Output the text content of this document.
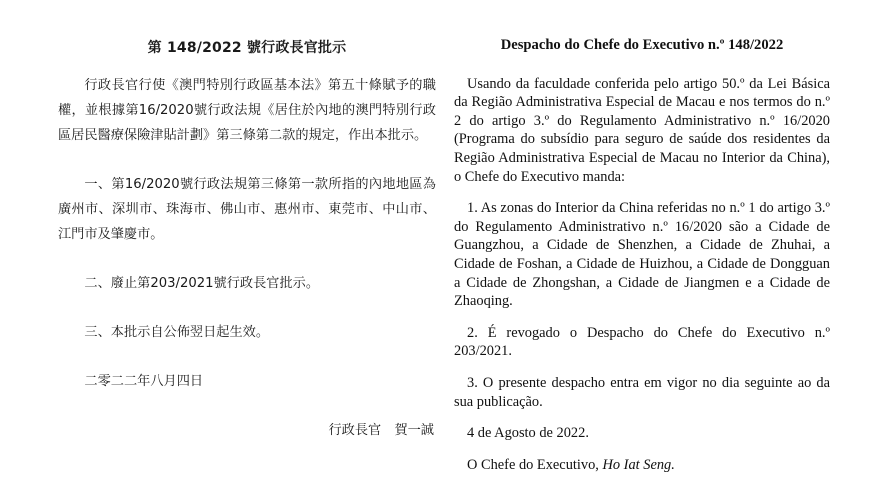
第 148/2022 號行政長官批示

行政長官行使《澳門特別行政區基本法》第五十條賦予的職權，並根據第16/2020號行政法規《居住於內地的澳門特別行政區居民醫療保險津貼計劃》第三條第二款的規定，作出本批示。

一、第16/2020號行政法規第三條第一款所指的內地地區為廣州市、深圳市、珠海市、佛山市、惠州市、東莞市、中山市、江門市及肇慶市。

二、廢止第203/2021號行政長官批示。

三、本批示自公佈翌日起生效。

二零二二年八月四日

行政長官　 賀一誠
Despacho do Chefe do Executivo n.º 148/2022

Usando da faculdade conferida pelo artigo 50.º da Lei Básica da Região Administrativa Especial de Macau e nos termos do n.º 2 do artigo 3.º do Regulamento Administrativo n.º 16/2020 (Programa do subsídio para seguro de saúde dos residentes da Região Administrativa Especial de Macau no Interior da China), o Chefe do Executivo manda:

1. As zonas do Interior da China referidas no n.º 1 do artigo 3.º do Regulamento Administrativo n.º 16/2020 são a Cidade de Guangzhou, a Cidade de Shenzhen, a Cidade de Zhuhai, a Cidade de Foshan, a Cidade de Huizhou, a Cidade de Dongguan a Cidade de Zhongshan, a Cidade de Jiangmen e a Cidade de Zhaoqing.

2. É revogado o Despacho do Chefe do Executivo n.º 203/2021.

3. O presente despacho entra em vigor no dia seguinte ao da sua publicação.

4 de Agosto de 2022.

O Chefe do Executivo, Ho Iat Seng.
